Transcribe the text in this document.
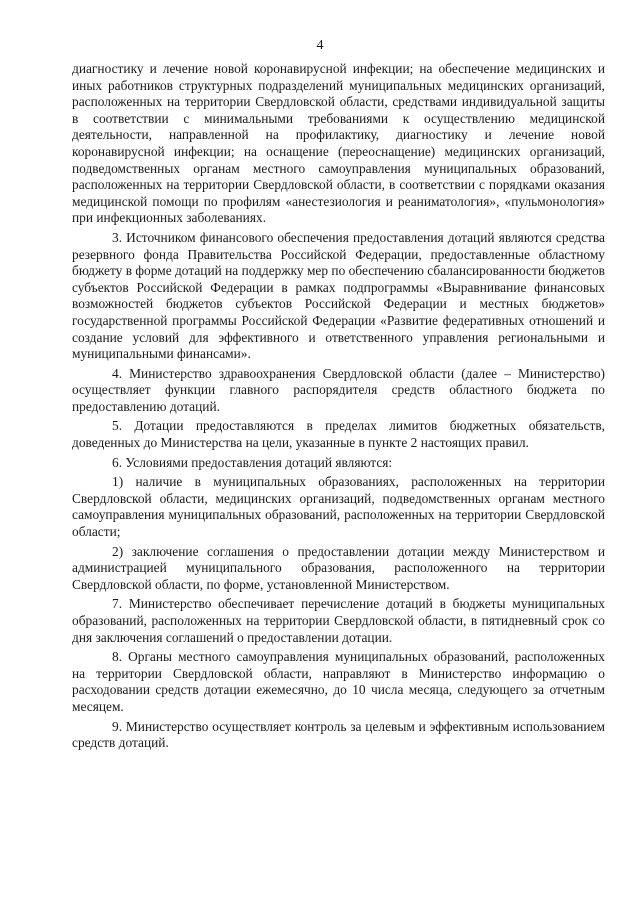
4

диагностику и лечение новой коронавирусной инфекции; на обеспечение медицинских и иных работников структурных подразделений муниципальных медицинских организаций, расположенных на территории Свердловской области, средствами индивидуальной защиты в соответствии с минимальными требованиями к осуществлению медицинской деятельности, направленной на профилактику, диагностику и лечение новой коронавирусной инфекции; на оснащение (переоснащение) медицинских организаций, подведомственных органам местного самоуправления муниципальных образований, расположенных на территории Свердловской области, в соответствии с порядками оказания медицинской помощи по профилям «анестезиология и реаниматология», «пульмонология» при инфекционных заболеваниях.

3. Источником финансового обеспечения предоставления дотаций являются средства резервного фонда Правительства Российской Федерации, предоставленные областному бюджету в форме дотаций на поддержку мер по обеспечению сбалансированности бюджетов субъектов Российской Федерации в рамках подпрограммы «Выравнивание финансовых возможностей бюджетов субъектов Российской Федерации и местных бюджетов» государственной программы Российской Федерации «Развитие федеративных отношений и создание условий для эффективного и ответственного управления региональными и муниципальными финансами».

4. Министерство здравоохранения Свердловской области (далее – Министерство) осуществляет функции главного распорядителя средств областного бюджета по предоставлению дотаций.

5. Дотации предоставляются в пределах лимитов бюджетных обязательств, доведенных до Министерства на цели, указанные в пункте 2 настоящих правил.

6. Условиями предоставления дотаций являются:

1) наличие в муниципальных образованиях, расположенных на территории Свердловской области, медицинских организаций, подведомственных органам местного самоуправления муниципальных образований, расположенных на территории Свердловской области;

2) заключение соглашения о предоставлении дотации между Министерством и администрацией муниципального образования, расположенного на территории Свердловской области, по форме, установленной Министерством.

7. Министерство обеспечивает перечисление дотаций в бюджеты муниципальных образований, расположенных на территории Свердловской области, в пятидневный срок со дня заключения соглашений о предоставлении дотации.

8. Органы местного самоуправления муниципальных образований, расположенных на территории Свердловской области, направляют в Министерство информацию о расходовании средств дотации ежемесячно, до 10 числа месяца, следующего за отчетным месяцем.

9. Министерство осуществляет контроль за целевым и эффективным использованием средств дотаций.
